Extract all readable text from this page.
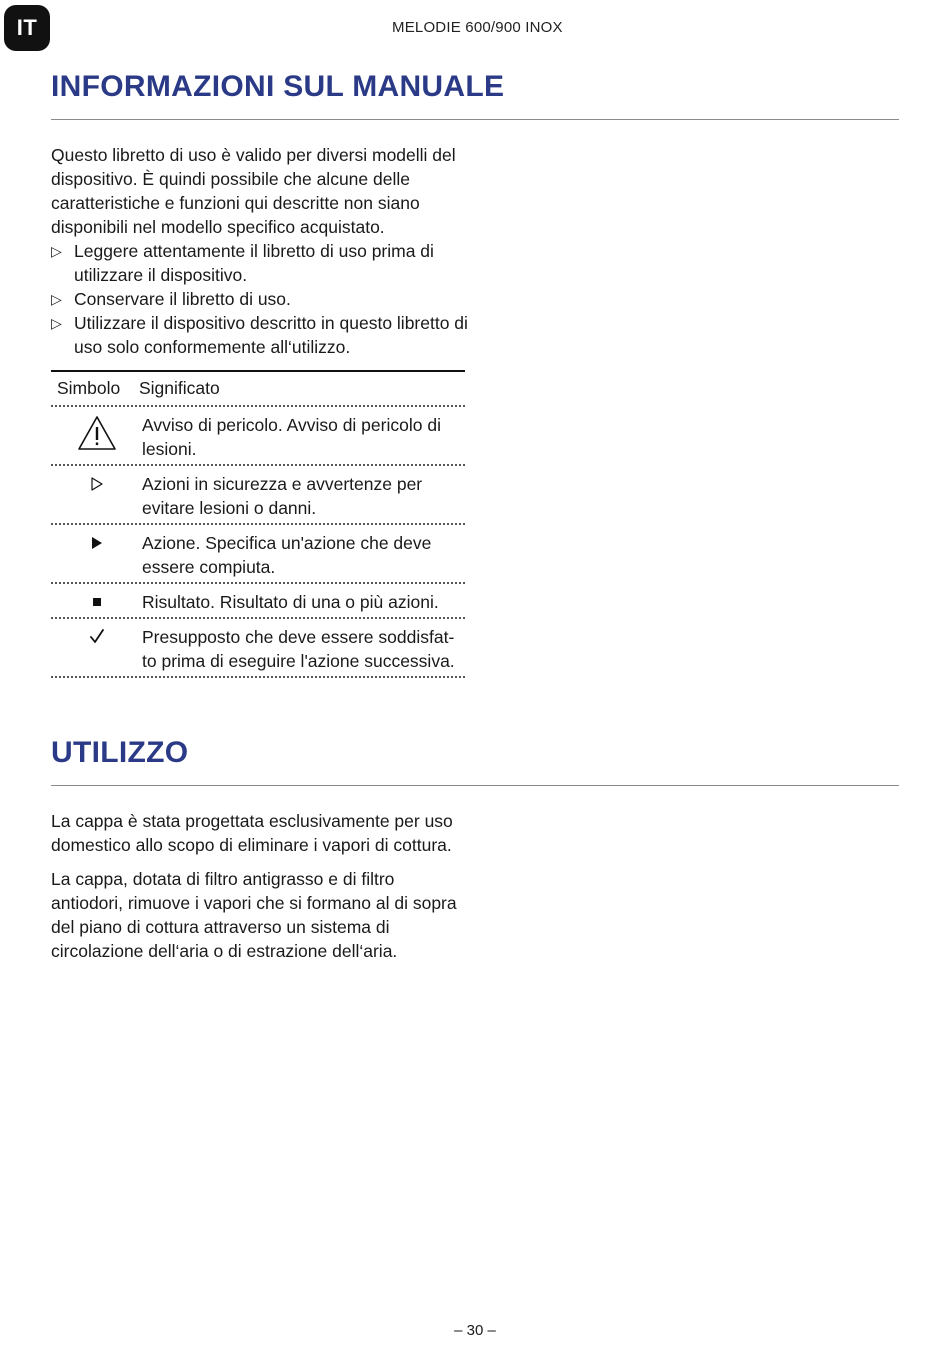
IT	MELODIE 600/900 INOX
INFORMAZIONI SUL MANUALE

Questo libretto di uso è valido per diversi modelli del dispositivo. È quindi possibile che alcune delle caratteristiche e funzioni qui descritte non siano disponibili nel modello specifico acquistato.

▷ Leggere attentamente il libretto di uso prima di utilizzare il dispositivo.
▷ Conservare il libretto di uso.
▷ Utilizzare il dispositivo descritto in questo libretto di uso solo conformemente all‘utilizzo.
Simbolo	Significato
Avviso di pericolo. Avviso di pericolo di lesioni.
Azioni in sicurezza e avvertenze per evitare lesioni o danni.
Azione. Specifica un'azione che deve essere compiuta.
Risultato. Risultato di una o più azioni.
Presupposto che deve essere soddisfat-to prima di eseguire l'azione successiva.
UTILIZZO

La cappa è stata progettata esclusivamente per uso domestico allo scopo di eliminare i vapori di cottura.

La cappa, dotata di filtro antigrasso e di filtro antiodori, rimuove i vapori che si formano al di sopra del piano di cottura attraverso un sistema di circolazione dell‘aria o di estrazione dell‘aria.

– 30 –
